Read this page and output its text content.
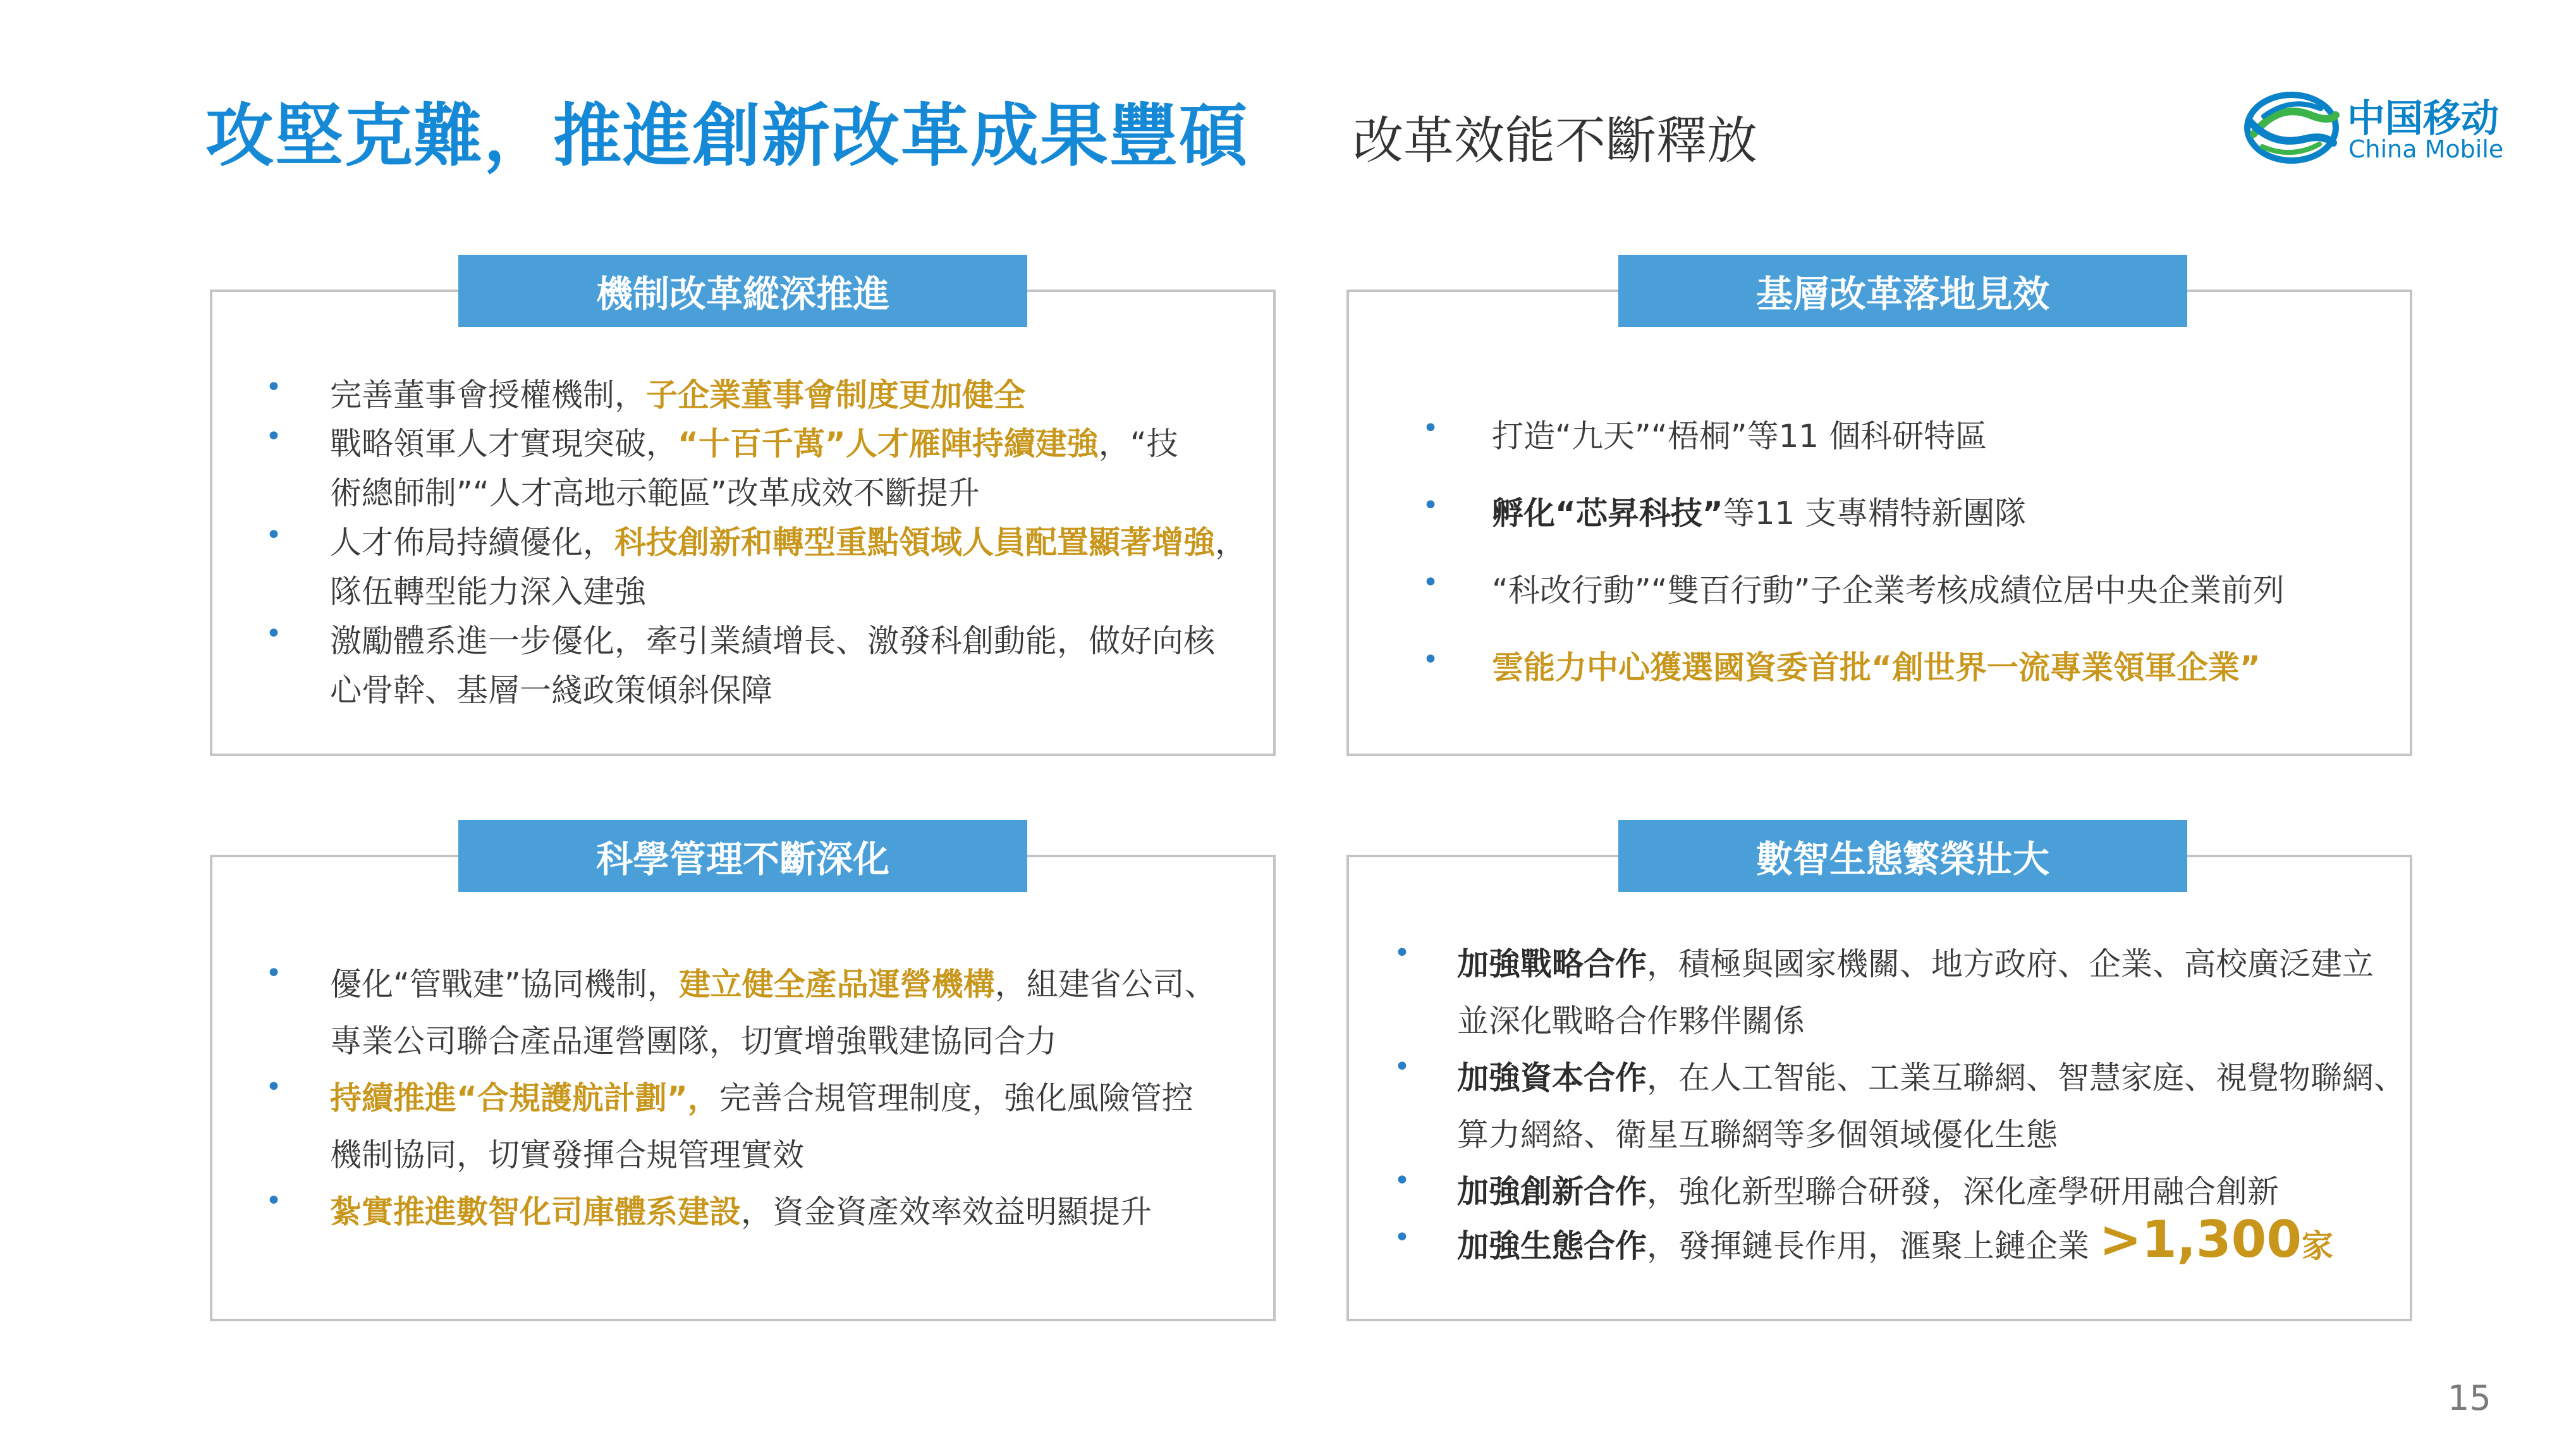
攻堅克難，推進創新改革成果豐碩 改革效能不斷釋放	中国移动
China Mobile
機制改革縱深推進
• 完善董事會授權機制，子企業董事會制度更加健全
• 戰略領軍人才實現突破，“十百千萬”人才雁陣持續建強，“技
術總師制”“人才高地示範區”改革成效不斷提升
• 人才佈局持續優化，科技創新和轉型重點領域人員配置顯著增強，
隊伍轉型能力深入建強
• 激勵體系進一步優化，牽引業績增長、激發科創動能，做好向核
心骨幹、基層一綫政策傾斜保障
基層改革落地見效
• 打造“九天”“梧桐”等11 個科研特區
• 孵化“芯昇科技”等11 支專精特新團隊
• “科改行動”“雙百行動”子企業考核成績位居中央企業前列
• 雲能力中心獲選國資委首批“創世界一流專業領軍企業”
科學管理不斷深化
• 優化“管戰建”協同機制，建立健全產品運營機構，組建省公司、
專業公司聯合產品運營團隊，切實增強戰建協同合力
• 持續推進“合規護航計劃”，完善合規管理制度，強化風險管控
機制協同，切實發揮合規管理實效
• 紮實推進數智化司庫體系建設，資金資產效率效益明顯提升
數智生態繁榮壯大
• 加強戰略合作，積極與國家機關、地方政府、企業、高校廣泛建立
並深化戰略合作夥伴關係
• 加強資本合作，在人工智能、工業互聯網、智慧家庭、視覺物聯網、
算力網絡、衛星互聯網等多個領域優化生態
• 加強創新合作，強化新型聯合研發，深化產學研用融合創新
• 加強生態合作，發揮鏈長作用，滙聚上鏈企業 >1,300家
15
